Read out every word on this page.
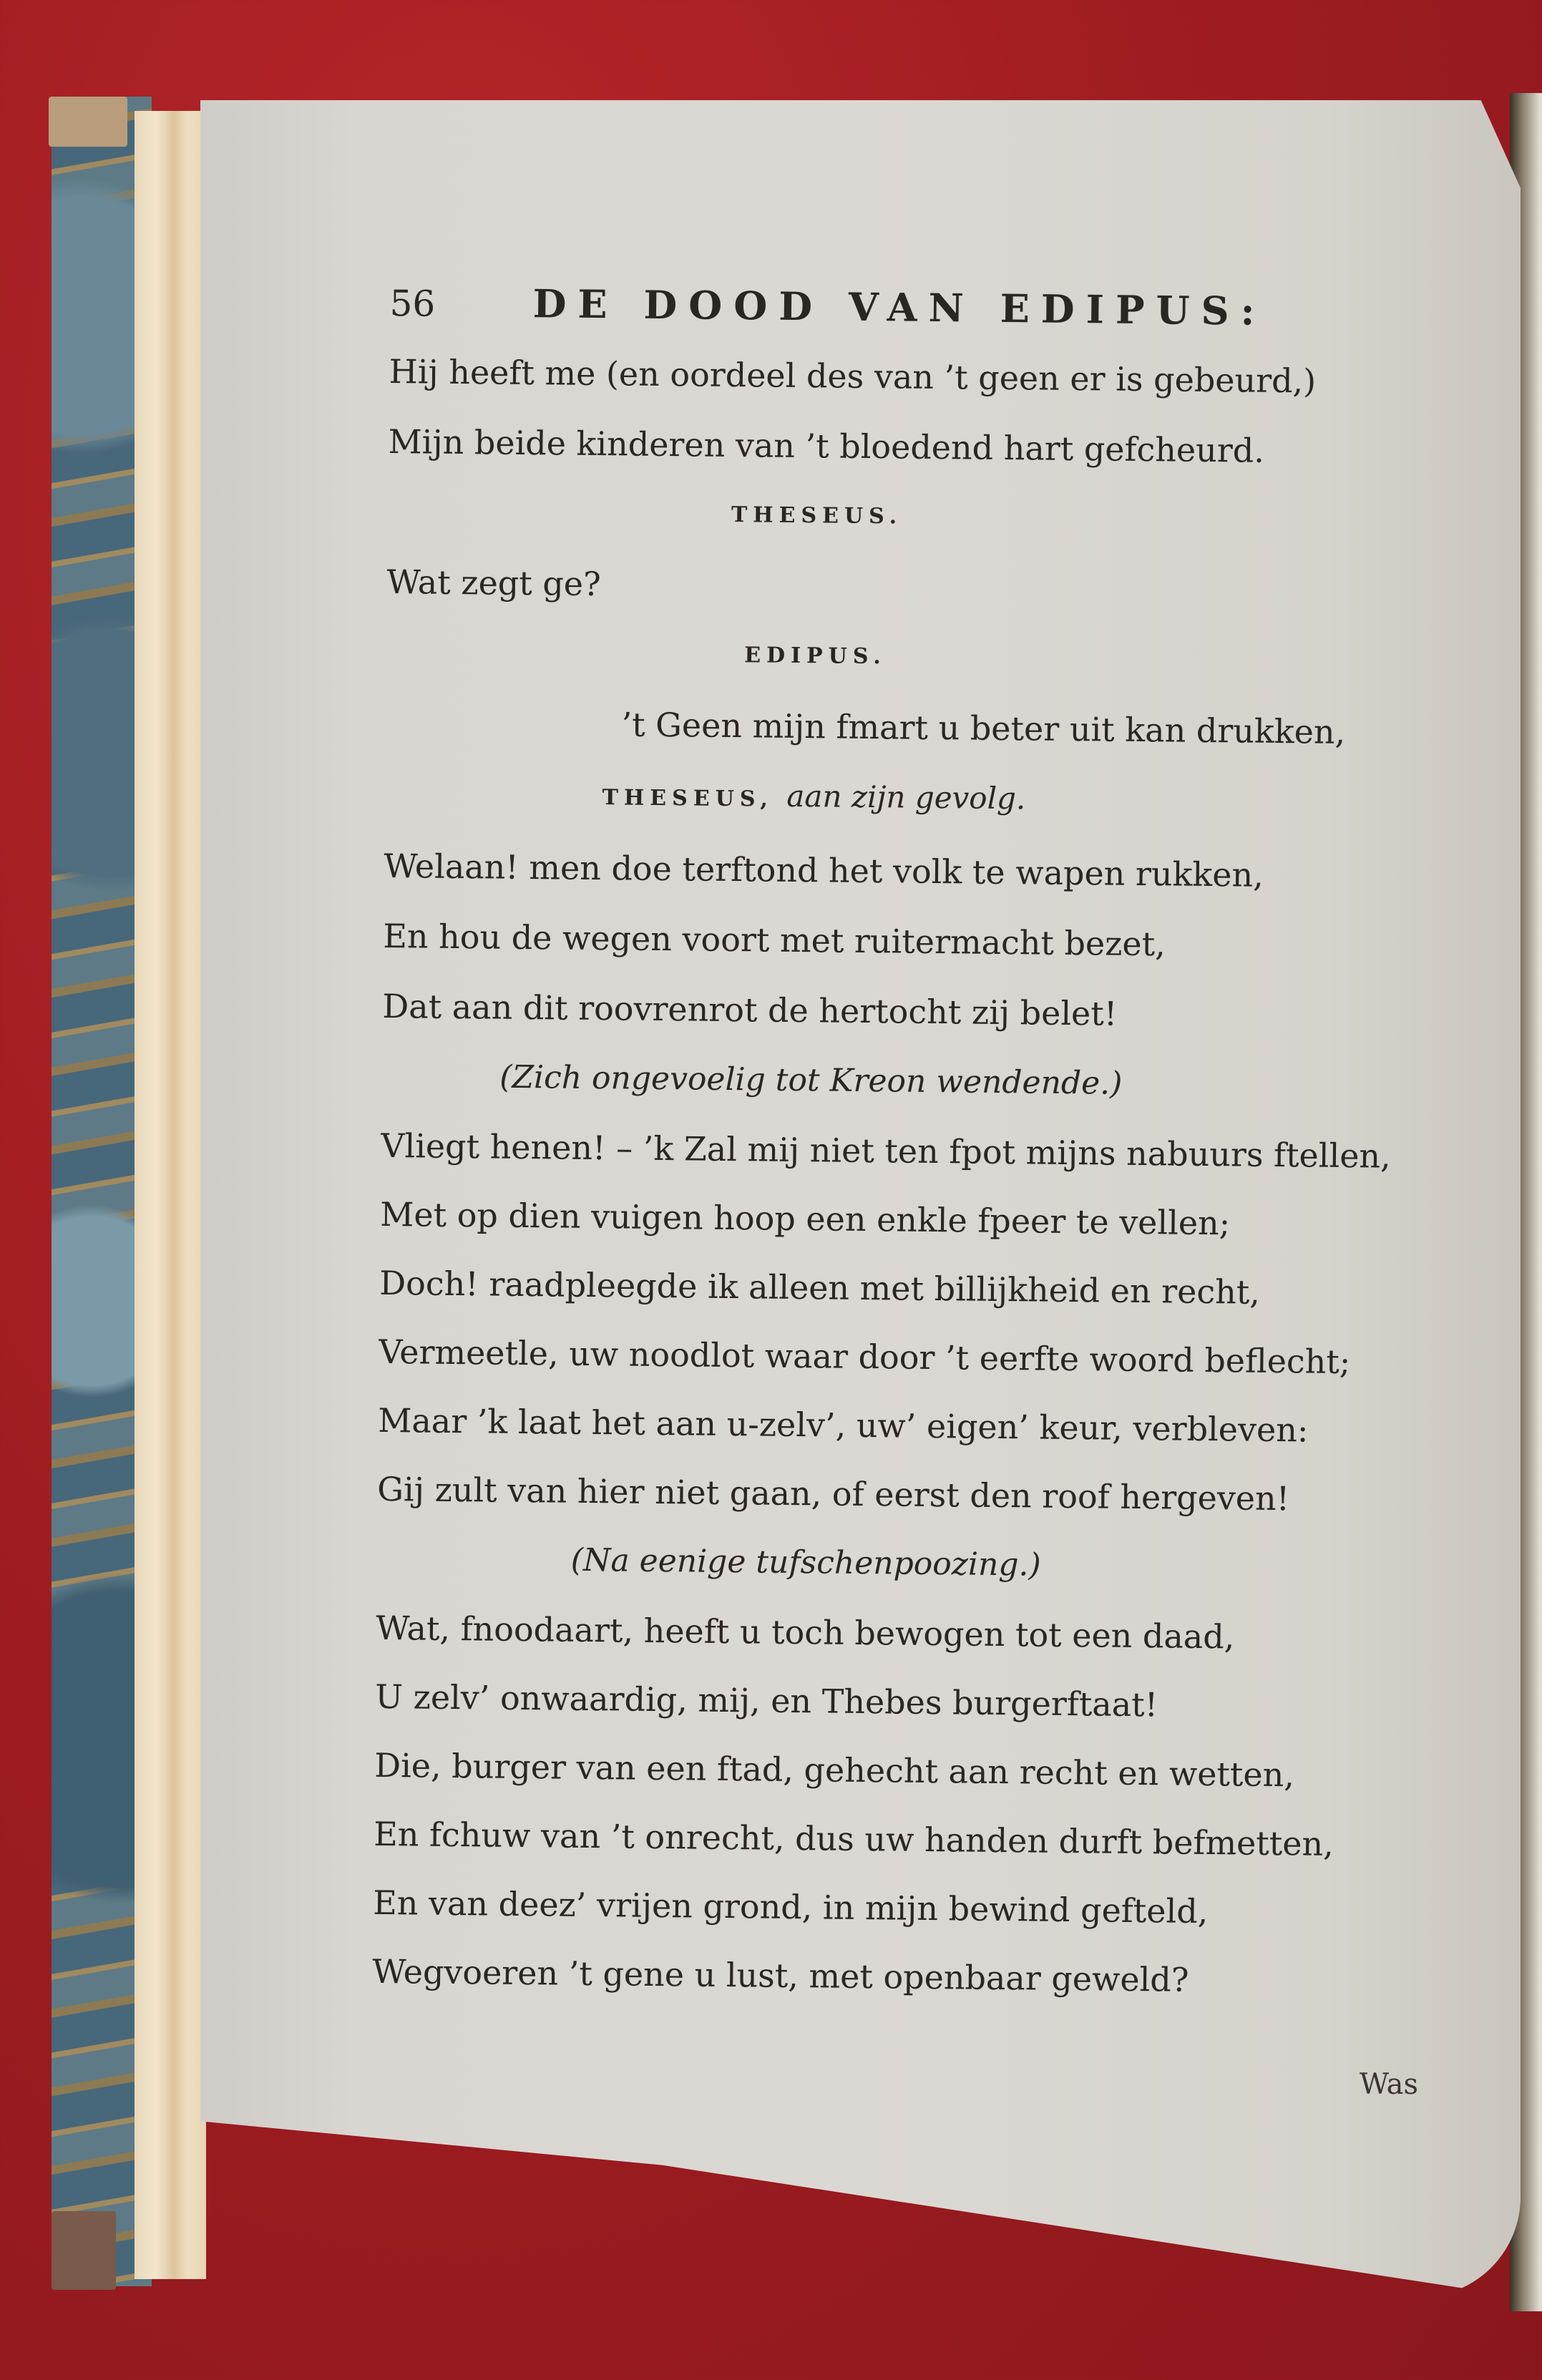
56	DE DOOD VAN EDIPUS:
Hij heeft me (en oordeel des van ’t geen er is gebeurd,)
Mijn beide kinderen van ’t bloedend hart gefcheurd.
THESEUS.
Wat zegt ge?
EDIPUS.
’t Geen mijn fmart u beter uit kan drukken,
THESEUS, aan zijn gevolg.
Welaan! men doe terftond het volk te wapen rukken,
En hou de wegen voort met ruitermacht bezet,
Dat aan dit roovrenrot de hertocht zij belet!
(Zich ongevoelig tot Kreon wendende.)
Vliegt henen! – ’k Zal mij niet ten fpot mijns nabuurs ftellen,
Met op dien vuigen hoop een enkle fpeer te vellen;
Doch! raadpleegde ik alleen met billijkheid en recht,
Vermeetle, uw noodlot waar door ’t eerfte woord beflecht;
Maar ’k laat het aan u-zelv’, uw’ eigen’ keur, verbleven:
Gij zult van hier niet gaan, of eerst den roof hergeven!
(Na eenige tufschenpoozing.)
Wat, fnoodaart, heeft u toch bewogen tot een daad,
U zelv’ onwaardig, mij, en Thebes burgerftaat!
Die, burger van een ftad, gehecht aan recht en wetten,
En fchuw van ’t onrecht, dus uw handen durft befmetten,
En van deez’ vrijen grond, in mijn bewind gefteld,
Wegvoeren ’t gene u lust, met openbaar geweld?
Was
